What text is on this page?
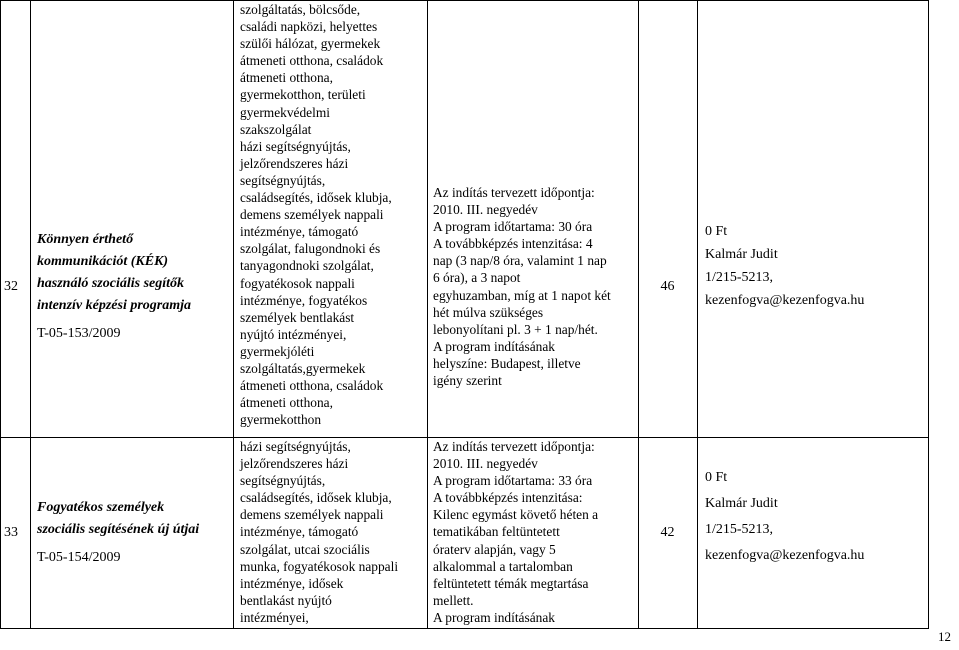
32
Könnyen érthető
kommunikációt (KÉK)
használó szociális segítők
intenzív képzési programja
T-05-153/2009
szolgáltatás, bölcsőde,
családi napközi, helyettes
szülői hálózat, gyermekek
átmeneti otthona, családok
átmeneti otthona,
gyermekotthon, területi
gyermekvédelmi
szakszolgálat
házi segítségnyújtás,
jelzőrendszeres házi
segítségnyújtás,
családsegítés, idősek klubja,
demens személyek nappali
intézménye, támogató
szolgálat, falugondnoki és
tanyagondnoki szolgálat,
fogyatékosok nappali
intézménye, fogyatékos
személyek bentlakást
nyújtó intézményei,
gyermekjóléti
szolgáltatás,gyermekek
átmeneti otthona, családok
átmeneti otthona,
gyermekotthon
Az indítás tervezett időpontja:
2010. III. negyedév
A program időtartama: 30 óra
A továbbképzés intenzitása: 4
nap (3 nap/8 óra, valamint 1 nap
6 óra), a 3 napot
egyhuzamban, míg at 1 napot két
hét múlva szükséges
lebonyolítani pl. 3 + 1 nap/hét.
A program indításának
helyszíne: Budapest, illetve
igény szerint
46
0 Ft
Kalmár Judit
1/215-5213,
kezenfogva@kezenfogva.hu
33
Fogyatékos személyek
szociális segítésének új útjai
T-05-154/2009
házi segítségnyújtás,
jelzőrendszeres házi
segítségnyújtás,
családsegítés, idősek klubja,
demens személyek nappali
intézménye, támogató
szolgálat, utcai szociális
munka, fogyatékosok nappali
intézménye, idősek
bentlakást nyújtó
intézményei,
Az indítás tervezett időpontja:
2010. III. negyedév
A program időtartama: 33 óra
A továbbképzés intenzitása:
Kilenc egymást követő héten a
tematikában feltüntetett
óraterv alapján, vagy 5
alkalommal a tartalomban
feltüntetett témák megtartása
mellett.
A program indításának
42
0 Ft
Kalmár Judit
1/215-5213,
kezenfogva@kezenfogva.hu
12
